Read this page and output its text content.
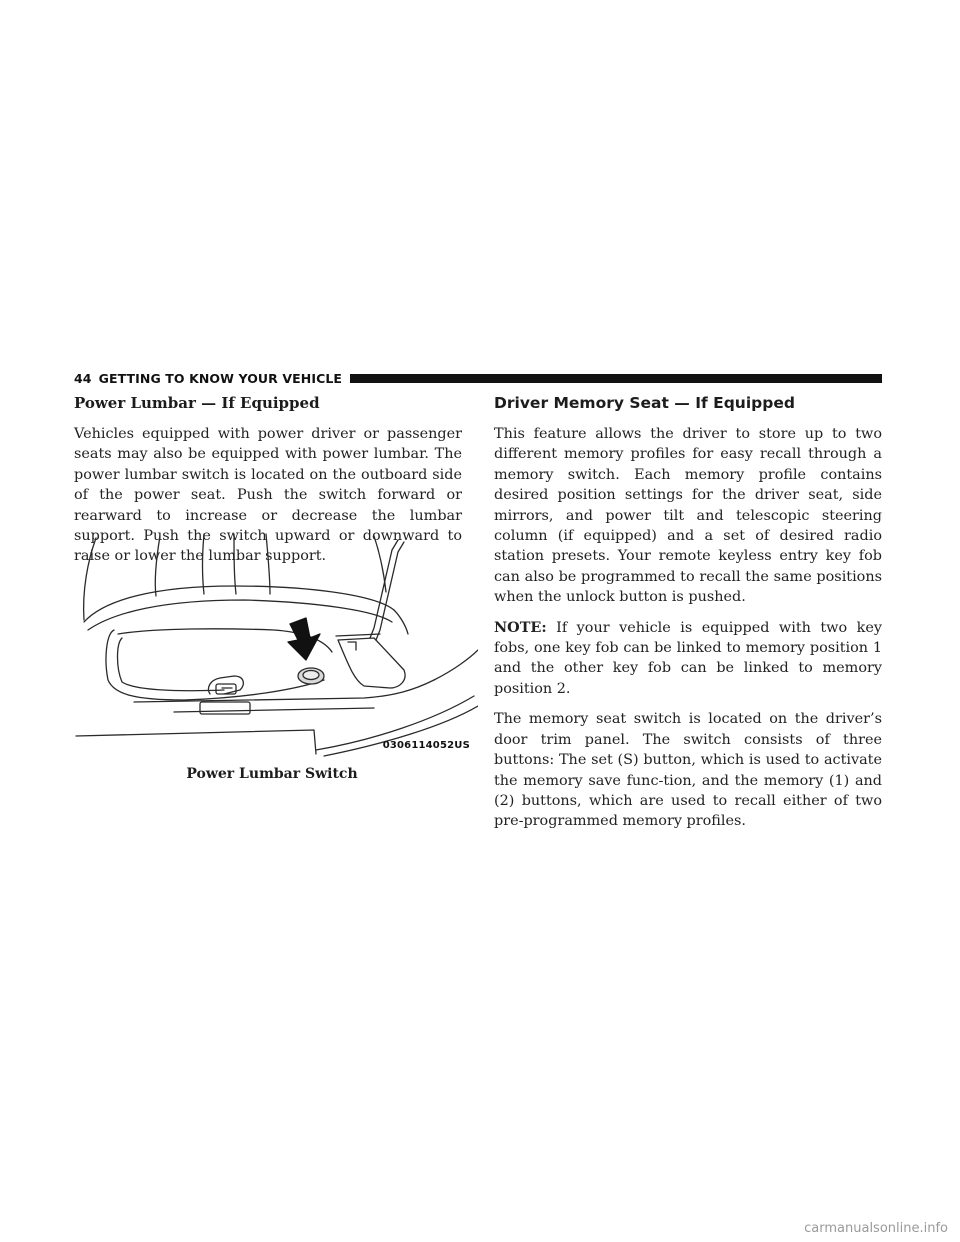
44 GETTING TO KNOW YOUR VEHICLE
Power Lumbar — If Equipped

Vehicles equipped with power driver or passenger seats may also be equipped with power lumbar. The power lumbar switch is located on the outboard side of the power seat. Push the switch forward or rearward to increase or decrease the lumbar support. Push the switch upward or downward to raise or lower the lumbar support.

0306114052US
Power Lumbar Switch
Driver Memory Seat — If Equipped

This feature allows the driver to store up to two different memory profiles for easy recall through a memory switch. Each memory profile contains desired position settings for the driver seat, side mirrors, and power tilt and telescopic steering column (if equipped) and a set of desired radio station presets. Your remote keyless entry key fob can also be programmed to recall the same positions when the unlock button is pushed.

NOTE: If your vehicle is equipped with two key fobs, one key fob can be linked to memory position 1 and the other key fob can be linked to memory position 2.

The memory seat switch is located on the driver’s door trim panel. The switch consists of three buttons: The set (S) button, which is used to activate the memory save func-tion, and the memory (1) and (2) buttons, which are used to recall either of two pre-programmed memory profiles.

carmanualsonline.info
